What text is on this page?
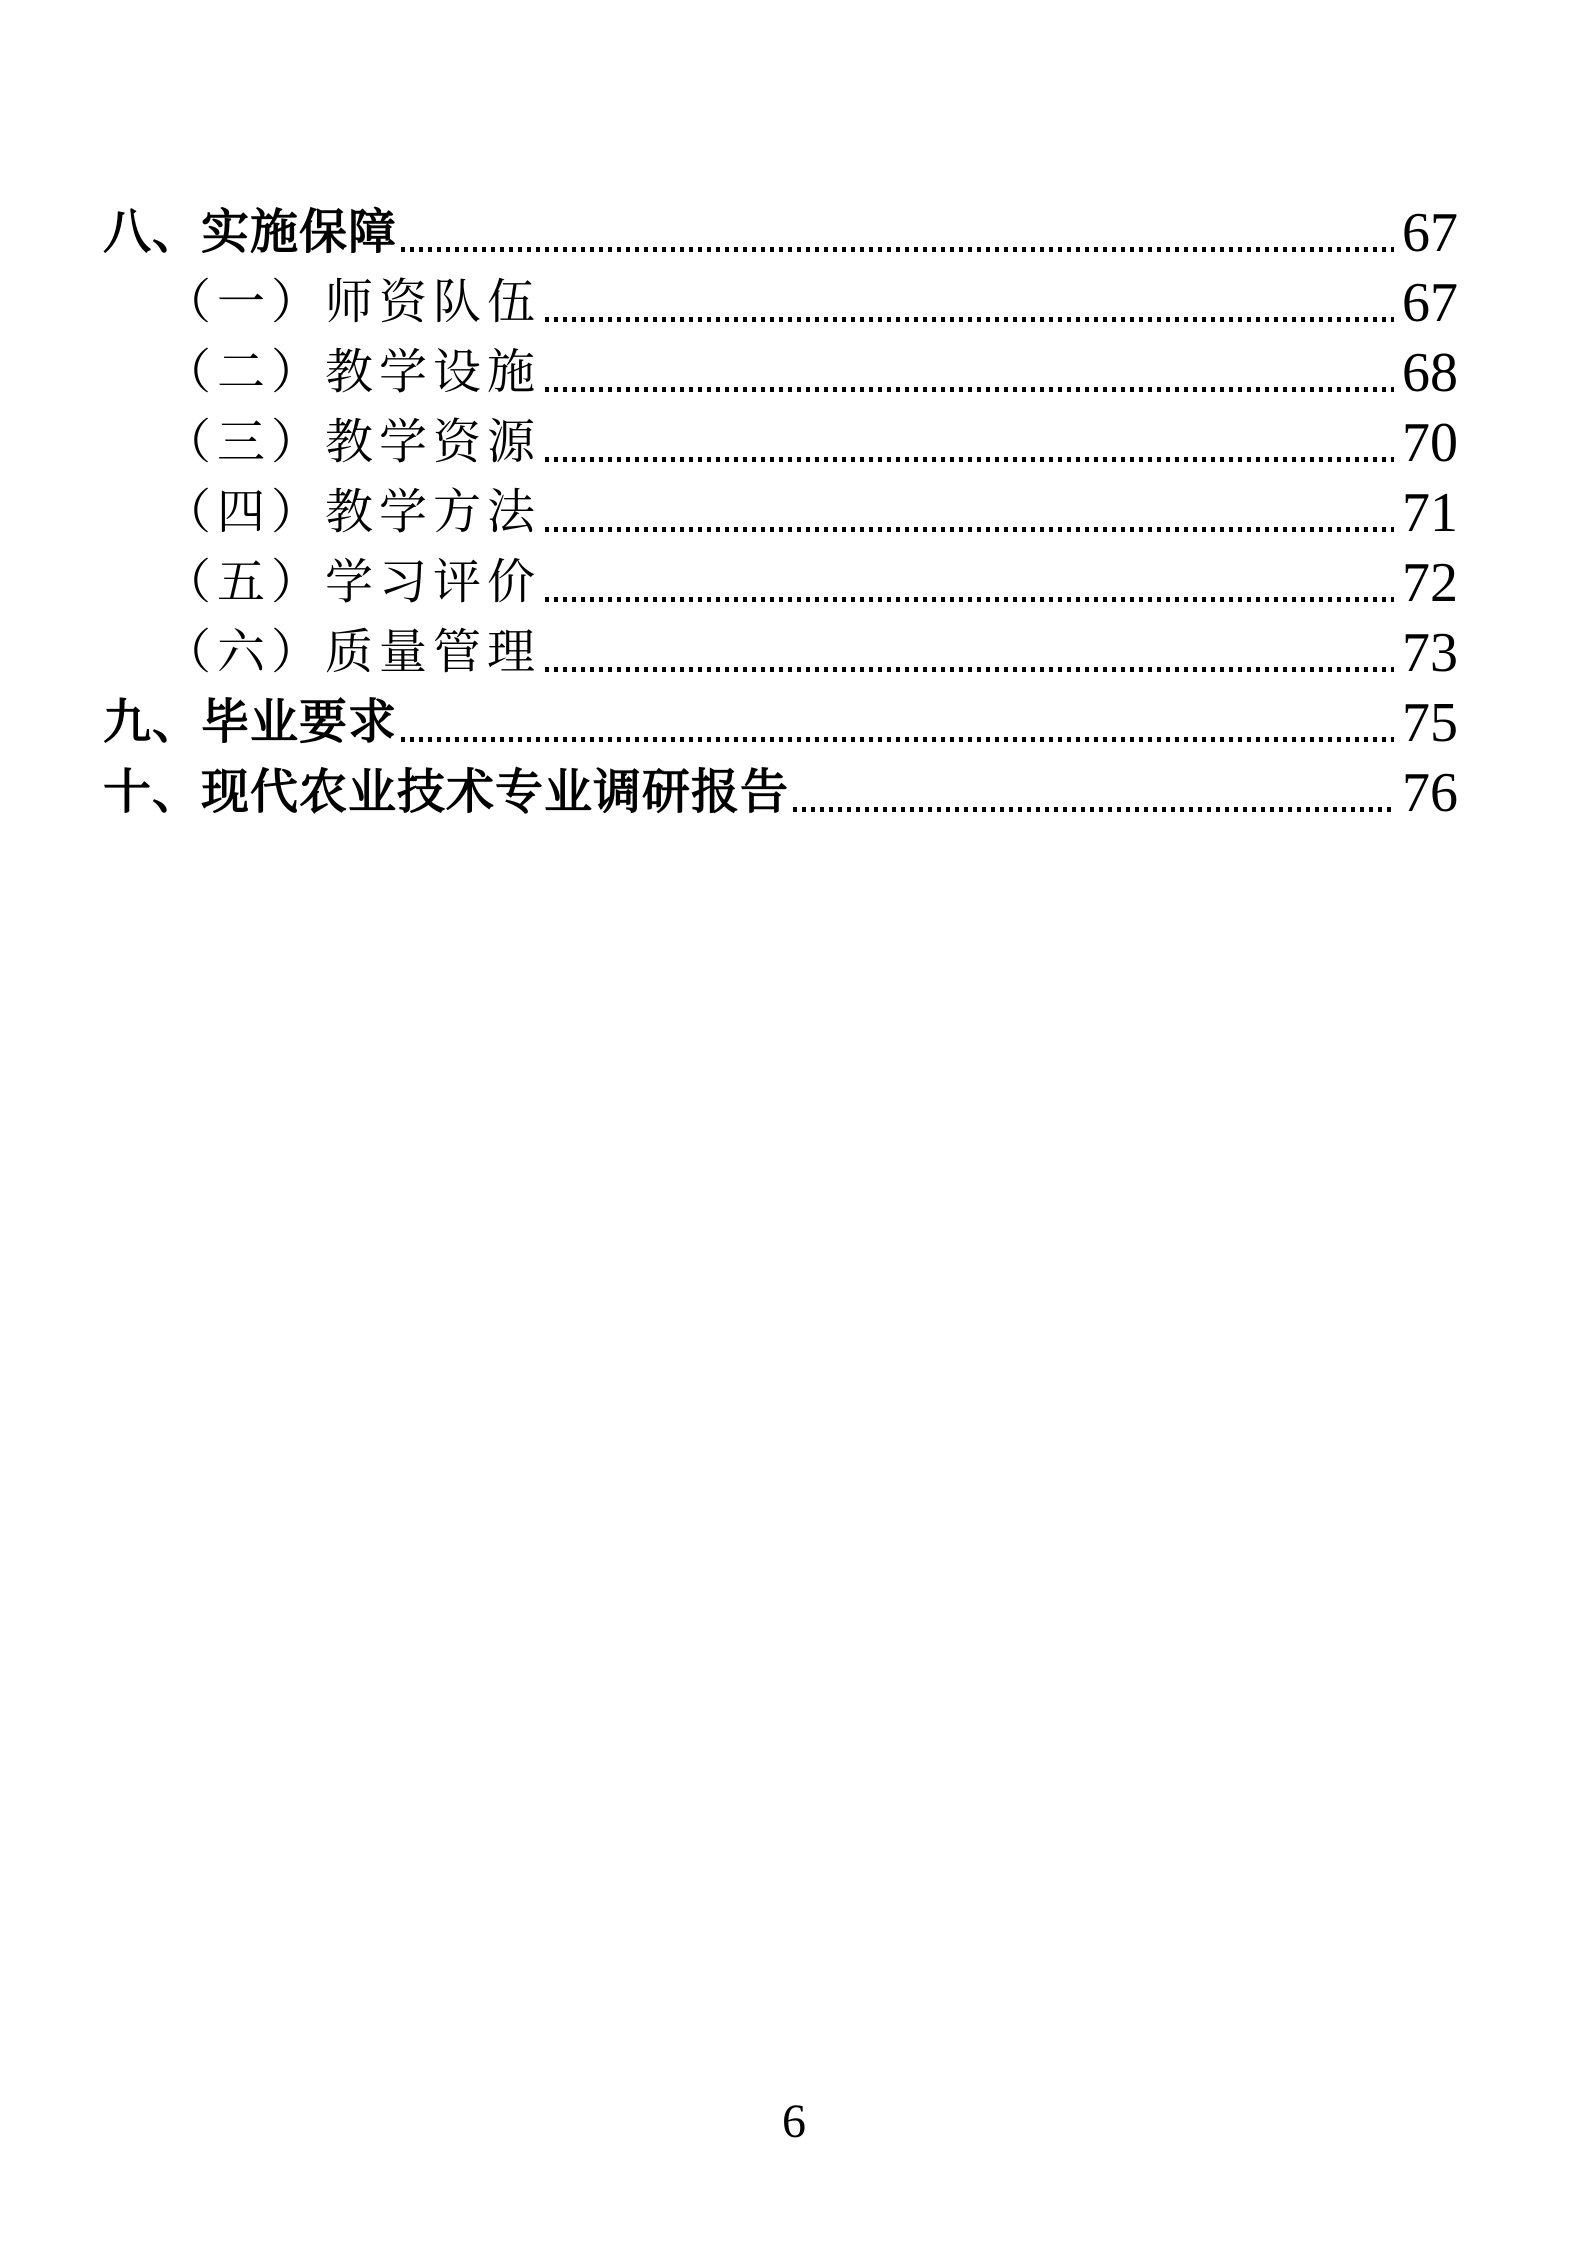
八、实施保障	67
（一）师资队伍	67
（二）教学设施	68
（三）教学资源	70
（四）教学方法	71
（五）学习评价	72
（六）质量管理	73
九、毕业要求	75
十、现代农业技术专业调研报告	76
6
